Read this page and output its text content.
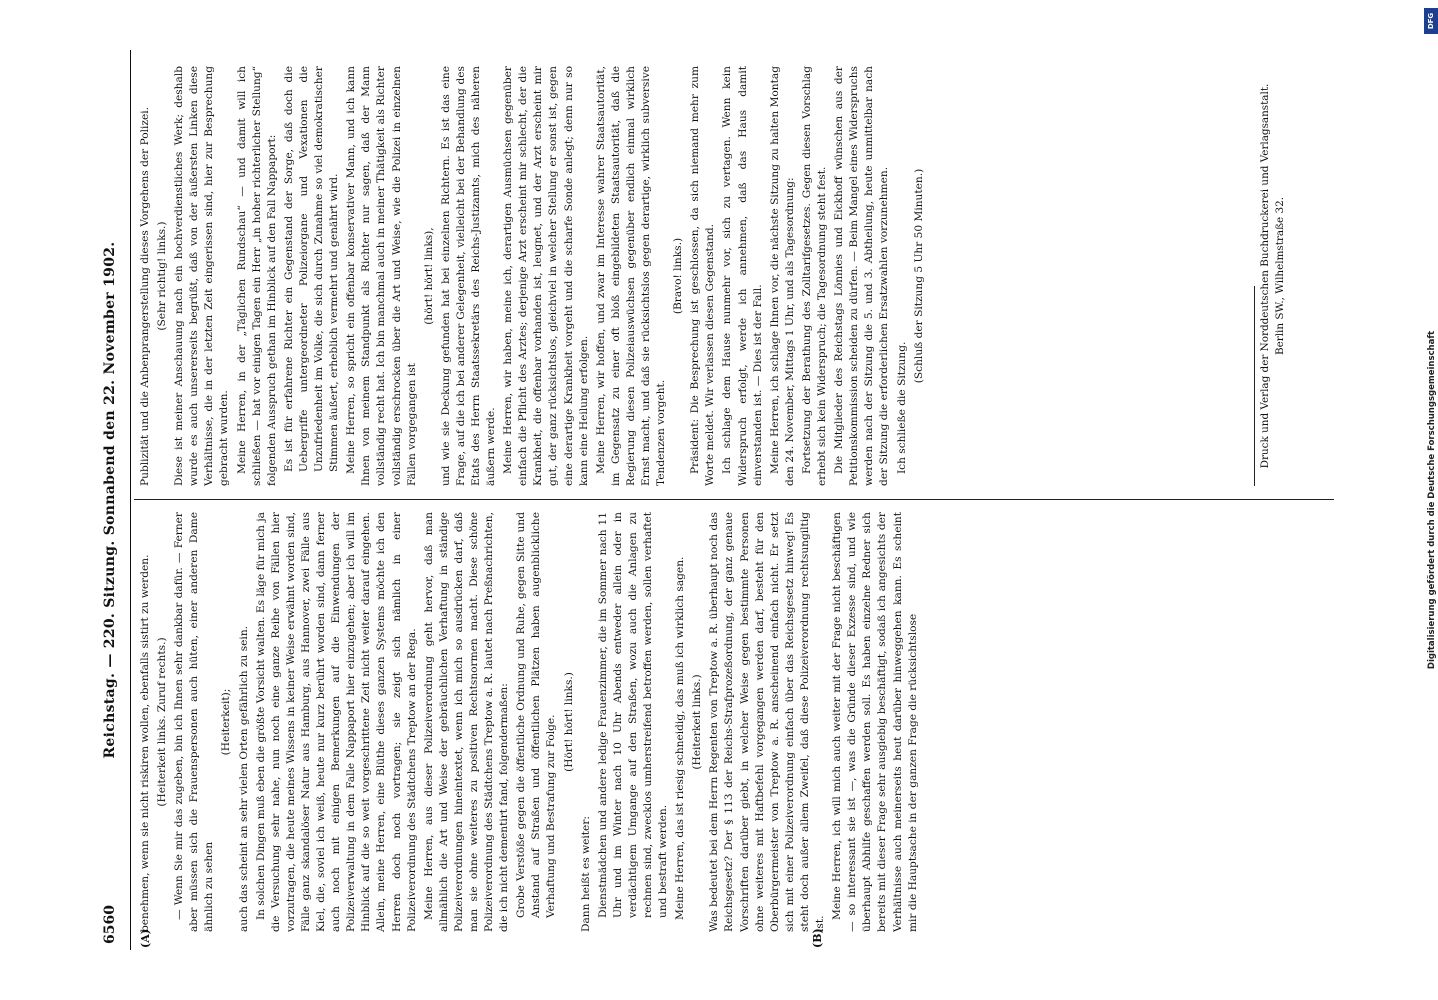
6560
Reichstag. — 220. Sitzung. Sonnabend den 22. November 1902.
(A)

benehmen, wenn sie nicht riskiren wollen, ebenfalls sistirt zu werden. (Heiterkeit links. Zuruf rechts.) — Wenn Sie mir das zugeben, bin ich Ihnen sehr dankbar dafür. — Ferner aber müssen sich die Frauenspersonen auch hüten, einer anderen Dame ähnlich zu sehen

(Heiterkeit); auch das scheint an sehr vielen Orten gefährlich zu sein. In solchen Dingen muß eben die größte Vorsicht walten. Es läge für mich ja die Versuchung sehr nahe, nun noch eine ganze Reihe von Fällen hier vorzutragen, die heute meines Wissens in keiner Weise erwähnt worden sind, Fälle ganz skandalöser Natur aus Hamburg, aus Hannover, zwei Fälle aus Kiel, die, soviel ich weiß, heute nur kurz berührt worden sind, dann ferner auch noch mit einigen Bemerkungen auf die Einwendungen der Polizeiverwaltung in dem Falle Nappaport hier einzugehen; aber ich will im Hinblick auf die so weit vorgeschrittene Zeit nicht weiter darauf eingehen. Allein, meine Herren, eine Blüthe dieses ganzen Systems möchte ich den Herren doch noch vortragen; sie zeigt sich nämlich in einer Polizeiverordnung des Städtchens Treptow an der Rega. Meine Herren, aus dieser Polizeiverordnung geht hervor, daß man allmählich die Art und Weise der gebräuchlichen Verhaftung in ständige Polizeiverordnungen hineintextet, wenn ich mich so ausdrücken darf, daß man sie ohne weiteres zu positiven Rechtsnormen macht. Diese schöne Polizeiverordnung des Städtchens Treptow a. R. lautet nach Preßnachrichten, die ich nicht dementirt fand, folgendermaßen: Grobe Verstöße gegen die öffentliche Ordnung und Ruhe, gegen Sitte und Anstand auf Straßen und öffentlichen Plätzen haben augenblickliche Verhaftung und Bestrafung zur Folge. (Hört! hört! links.)

(B)

Dann heißt es weiter: Dienstmädchen und andere ledige Frauenzimmer, die im Sommer nach 11 Uhr und im Winter nach 10 Uhr Abends entweder allein oder in verdächtigem Umgange auf den Straßen, wozu auch die Anlagen zu rechnen sind, zwecklos umherstreifend betroffen werden, sollen verhaftet und bestraft werden. Meine Herren, das ist riesig schneidig, das muß ich wirklich sagen. (Heiterkeit links.) Was bedeutet bei dem Herrn Regenten von Treptow a. R. überhaupt noch das Reichsgesetz? Der § 113 der Reichs-Strafprozeßordnung, der ganz genaue Vorschriften darüber giebt, in welcher Weise gegen bestimmte Personen ohne weiteres mit Haftbefehl vorgegangen werden darf, besteht für den Oberbürgermeister von Treptow a. R. anscheinend einfach nicht. Er setzt sich mit einer Polizeiverordnung einfach über das Reichsgesetz hinweg! Es steht doch außer allem Zweifel, daß diese Polizeiverordnung rechtsungiltig ist.

Meine Herren, ich will mich auch weiter mit der Frage nicht beschäftigen — so interessant sie ist —, was die Gründe dieser Exzesse sind, und wie überhaupt Abhilfe geschaffen werden soll. Es haben einzelne Redner sich bereits mit dieser Frage sehr ausgiebig beschäftigt, sodaß ich angesichts der Verhältnisse auch meinerseits heut darüber hinweggehen kann. Es scheint mir die Hauptsache in der ganzen Frage die rücksichtslose

Publizität und die Anbenprangerstellung dieses Vorgehens der Polizei. (Sehr richtig! links.) Diese ist meiner Anschauung nach ein hochverdienstliches Werk; deshalb wurde es auch unsererseits begrüßt, daß von der äußersten Linken diese Verhältnisse, die in der letzten Zeit eingerissen sind, hier zur Besprechung gebracht wurden. Meine Herren, in der „Täglichen Rundschau“ — und damit will ich schließen — hat vor einigen Tagen ein Herr „in hoher richterlicher Stellung“ folgenden Ausspruch gethan im Hinblick auf den Fall Nappaport: Es ist für erfahrene Richter ein Gegenstand der Sorge, daß doch die Uebergriffe untergeordneter Polizeiorgane und Vexationen die Unzufriedenheit im Volke, die sich durch Zunahme so viel demokratischer Stimmen äußert, erheblich vermehrt und genährt wird. Meine Herren, so spricht ein offenbar konservativer Mann, und ich kann Ihnen von meinem Standpunkt als Richter nur sagen, daß der Mann vollständig recht hat. Ich bin manchmal auch in meiner Thätigkeit als Richter vollständig erschrocken über die Art und Weise, wie die Polizei in einzelnen Fällen vorgegangen ist

(hört! hört! links), und wie sie Deckung gefunden hat bei einzelnen Richtern. Es ist das eine Frage, auf die ich bei anderer Gelegenheit, vielleicht bei der Behandlung des Etats des Herrn Staatssekretärs des Reichs-Justizamts, mich des näheren äußern werde. Meine Herren, wir haben, meine ich, derartigen Ausmüchsen gegenüber einfach die Pflicht des Arztes; derjenige Arzt erscheint mir schlecht, der die Krankheit, die offenbar vorhanden ist, leugnet, und der Arzt erscheint mir gut, der ganz rücksichtslos, gleichviel in welcher Stellung er sonst ist, gegen eine derartige Krankheit vorgeht und die scharfe Sonde anlegt; denn nur so kann eine Heilung erfolgen. Meine Herren, wir hoffen, und zwar im Interesse wahrer Staatsautorität, im Gegensatz zu einer oft bloß eingebildeten Staatsautorität, daß die Regierung diesen Polizeiauswüchsen gegenüber endlich einmal wirklich Ernst macht, und daß sie rücksichtslos gegen derartige, wirklich subversive Tendenzen vorgeht.

(Bravo! links.) Präsident: Die Besprechung ist geschlossen, da sich niemand mehr zum Worte meldet. Wir verlassen diesen Gegenstand. Ich schlage dem Hause nunmehr vor, sich zu vertagen. Wenn kein Widerspruch erfolgt, werde ich annehmen, daß das Haus damit einverstanden ist. — Dies ist der Fall. Meine Herren, ich schlage Ihnen vor, die nächste Sitzung zu halten Montag den 24. November, Mittags 1 Uhr, und als Tagesordnung: Fortsetzung der Berathung des Zolltarifgesetzes. Gegen diesen Vorschlag erhebt sich kein Widerspruch; die Tagesordnung steht fest. Die Mitglieder des Reichstags Lönnies und Eickhoff wünschen aus der Petitionskommission scheiden zu dürfen. — Beim Mangel eines Widerspruchs werden nach der Sitzung die 5. und 3. Abtheilung, heute unmittelbar nach der Sitzung die erforderlichen Ersatzwahlen vorzunehmen. Ich schließe die Sitzung.

(Schluß der Sitzung 5 Uhr 50 Minuten.)	Druck und Verlag der Norddeutschen Buchdruckerei und Verlagsanstalt. Berlin SW., Wilhelmstraße 32.
DFG
Digitalisierung gefördert durch die Deutsche Forschungsgemeinschaft
